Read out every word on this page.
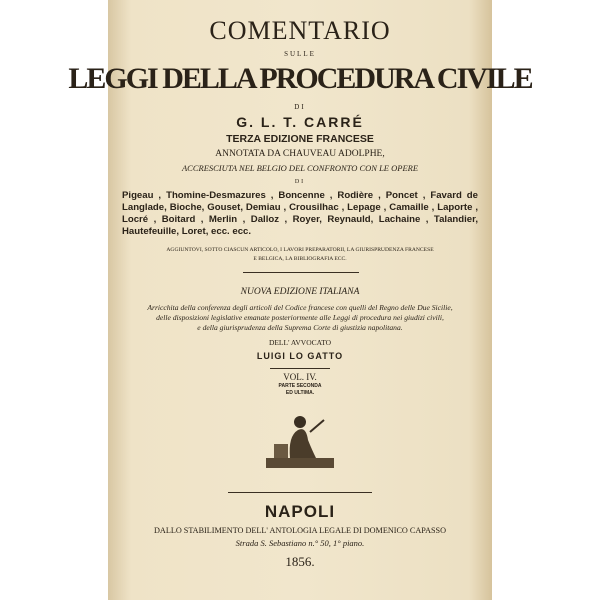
COMENTARIO
SULLE
LEGGI DELLA PROCEDURA CIVILE
DI
G. L. T. CARRÉ
TERZA EDIZIONE FRANCESE
ANNOTATA DA CHAUVEAU ADOLPHE,
ACCRESCIUTA NEL BELGIO DEL CONFRONTO CON LE OPERE
DI
Pigeau , Thomine-Desmazures , Boncenne , Rodière , Poncet , Favard de Langlade, Bioche, Gouset, Demiau , Crousilhac , Lepage , Camaille , Laporte , Locré , Boitard , Merlin , Dalloz , Royer, Reynauld, Lachaine , Talandier, Hautefeuille, Loret, ecc. ecc.
AGGIUNTOVI, SOTTO CIASCUN ARTICOLO, I LAVORI PREPARATORII, LA GIURISPRUDENZA FRANCESE
E BELGICA, LA BIBLIOGRAFIA ECC.
NUOVA EDIZIONE ITALIANA
Arricchita della conferenza degli articoli del Codice francese con quelli del Regno delle Due Sicilie,
delle disposizioni legislative emanate posteriormente alle Leggi di procedura nei giudizi civili,
e della giurisprudenza della Suprema Corte di giustizia napolitana.
DELL' AVVOCATO
LUIGI LO GATTO
VOL. IV.
PARTE SECONDA
ED ULTIMA.
NAPOLI
DALLO STABILIMENTO DELL' ANTOLOGIA LEGALE DI DOMENICO CAPASSO
Strada S. Sebastiano n.° 50, 1° piano.
1856.
